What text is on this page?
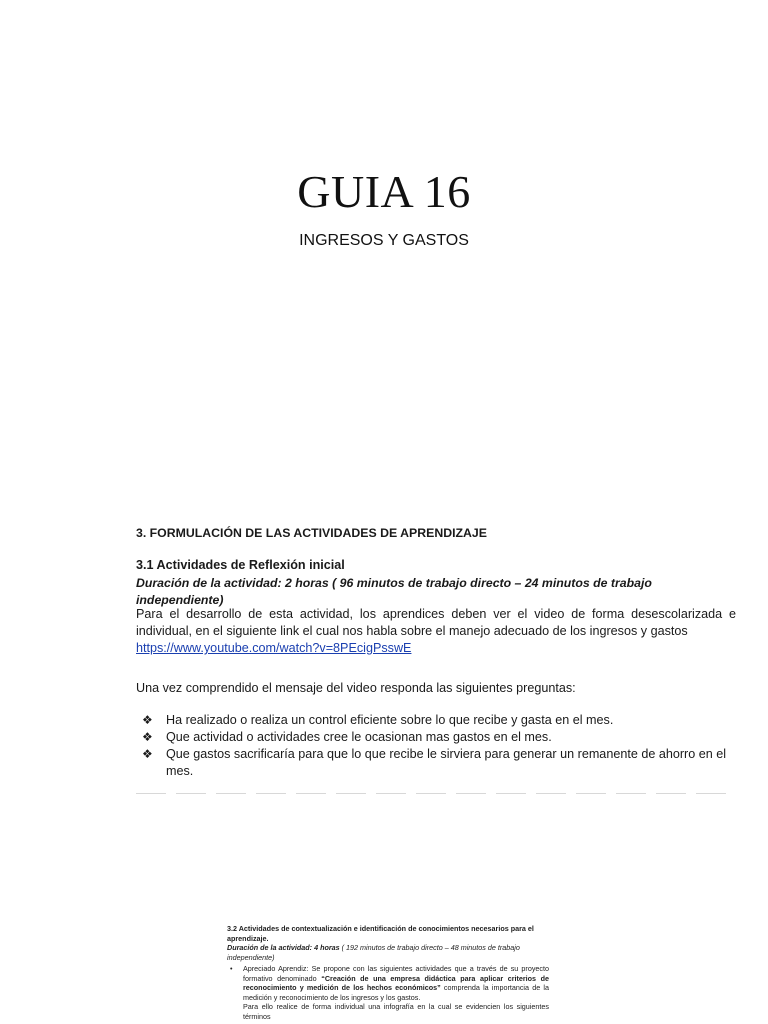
GUIA 16
INGRESOS Y GASTOS
3. FORMULACIÓN DE LAS ACTIVIDADES DE APRENDIZAJE
3.1 Actividades de Reflexión inicial
Duración de la actividad: 2 horas ( 96 minutos de trabajo directo – 24 minutos de trabajo independiente)
Para el desarrollo de esta actividad, los aprendices deben ver el video de forma desescolarizada e individual, en el siguiente link el cual nos habla sobre el manejo adecuado de los ingresos y gastos
https://www.youtube.com/watch?v=8PEcigPsswE
Una vez comprendido el mensaje del video responda las siguientes preguntas:
❖ Ha realizado o realiza un control eficiente sobre lo que recibe y gasta en el mes.
❖ Que actividad o actividades cree le ocasionan mas gastos en el mes.
❖ Que gastos sacrificaría para que lo que recibe le sirviera para generar un remanente de ahorro en el mes.
3.2 Actividades de contextualización e identificación de conocimientos necesarios para el aprendizaje.
Duración de la actividad: 4 horas ( 192 minutos de trabajo directo – 48 minutos de trabajo independiente)
• Apreciado Aprendiz: Se propone con las siguientes actividades que a través de su proyecto formativo denominado “Creación de una empresa didáctica para aplicar criterios de reconocimiento y medición de los hechos económicos” comprenda la importancia de la medición y reconocimiento de los ingresos y los gastos.
Para ello realice de forma individual una infografía en la cual se evidencien los siguientes términos
